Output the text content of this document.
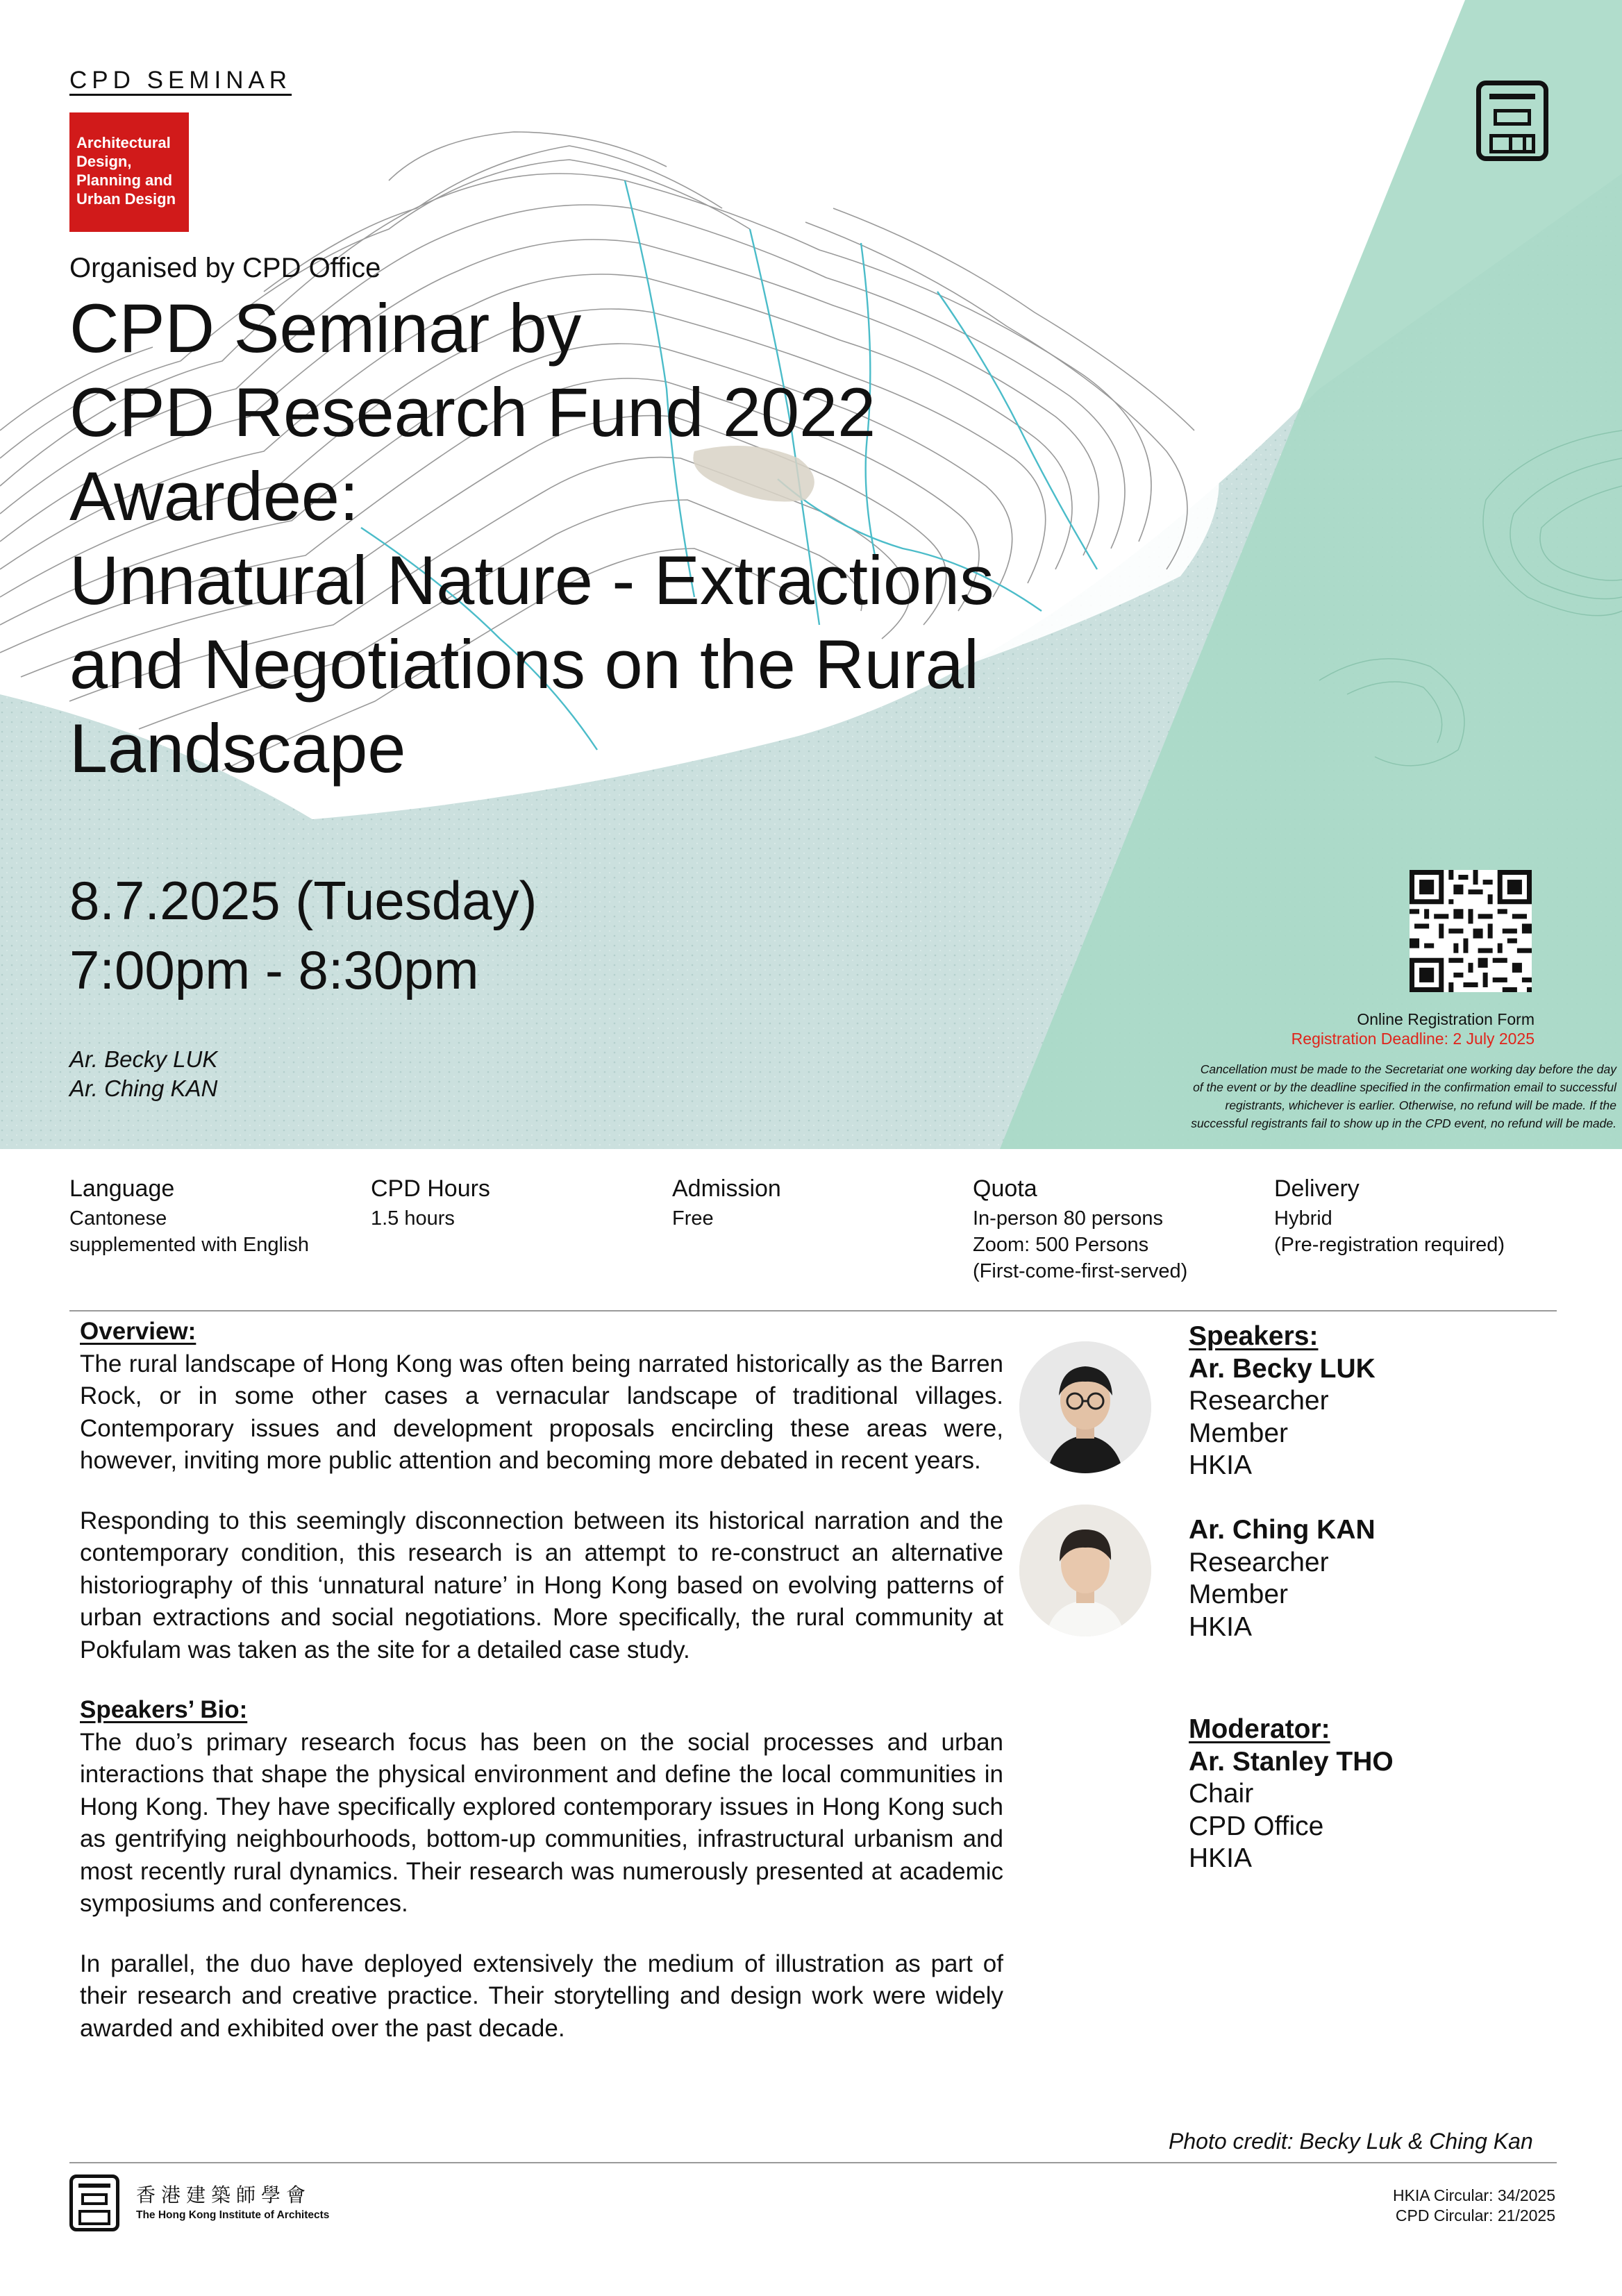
CPD SEMINAR
Architectural Design, Planning and Urban Design
Organised by CPD Office
CPD Seminar by
CPD Research Fund 2022
Awardee:
Unnatural Nature - Extractions
and Negotiations on the Rural
Landscape
8.7.2025 (Tuesday)
7:00pm - 8:30pm
Ar. Becky LUK
Ar. Ching KAN
Online Registration Form
Registration Deadline: 2 July 2025
Cancellation must be made to the Secretariat one working day before the day
of the event or by the deadline specified in the confirmation email to successful
registrants, whichever is earlier. Otherwise, no refund will be made. If the
successful registrants fail to show up in the CPD event, no refund will be made.
Language
Cantonese
supplemented with English
CPD Hours
1.5 hours
Admission
Free
Quota
In-person 80 persons
Zoom: 500 Persons
(First-come-first-served)
Delivery
Hybrid
(Pre-registration required)
Overview:

The rural landscape of Hong Kong was often being narrated historically as the Barren Rock, or in some other cases a vernacular landscape of traditional villages. Contemporary issues and development proposals encircling these areas were, however, inviting more public attention and becoming more debated in recent years.

Responding to this seemingly disconnection between its historical narration and the contemporary condition, this research is an attempt to re-construct an alternative historiography of this ‘unnatural nature’ in Hong Kong based on evolving patterns of urban extractions and social negotiations. More specifically, the rural community at Pokfulam was taken as the site for a detailed case study.

Speakers’ Bio:

The duo’s primary research focus has been on the social processes and urban interactions that shape the physical environment and define the local communities in Hong Kong. They have specifically explored contemporary issues in Hong Kong such as gentrifying neighbourhoods, bottom-up communities, infrastructural urbanism and most recently rural dynamics. Their research was numerously presented at academic symposiums and conferences.

In parallel, the duo have deployed extensively the medium of illustration as part of their research and creative practice. Their storytelling and design work were widely awarded and exhibited over the past decade.

Speakers:
Ar. Becky LUK
Researcher
Member
HKIA
Ar. Ching KAN
Researcher
Member
HKIA
Moderator:
Ar. Stanley THO
Chair
CPD Office
HKIA
Photo credit: Becky Luk & Ching Kan
香港建築師學會
The Hong Kong Institute of Architects
HKIA Circular: 34/2025
CPD Circular: 21/2025
